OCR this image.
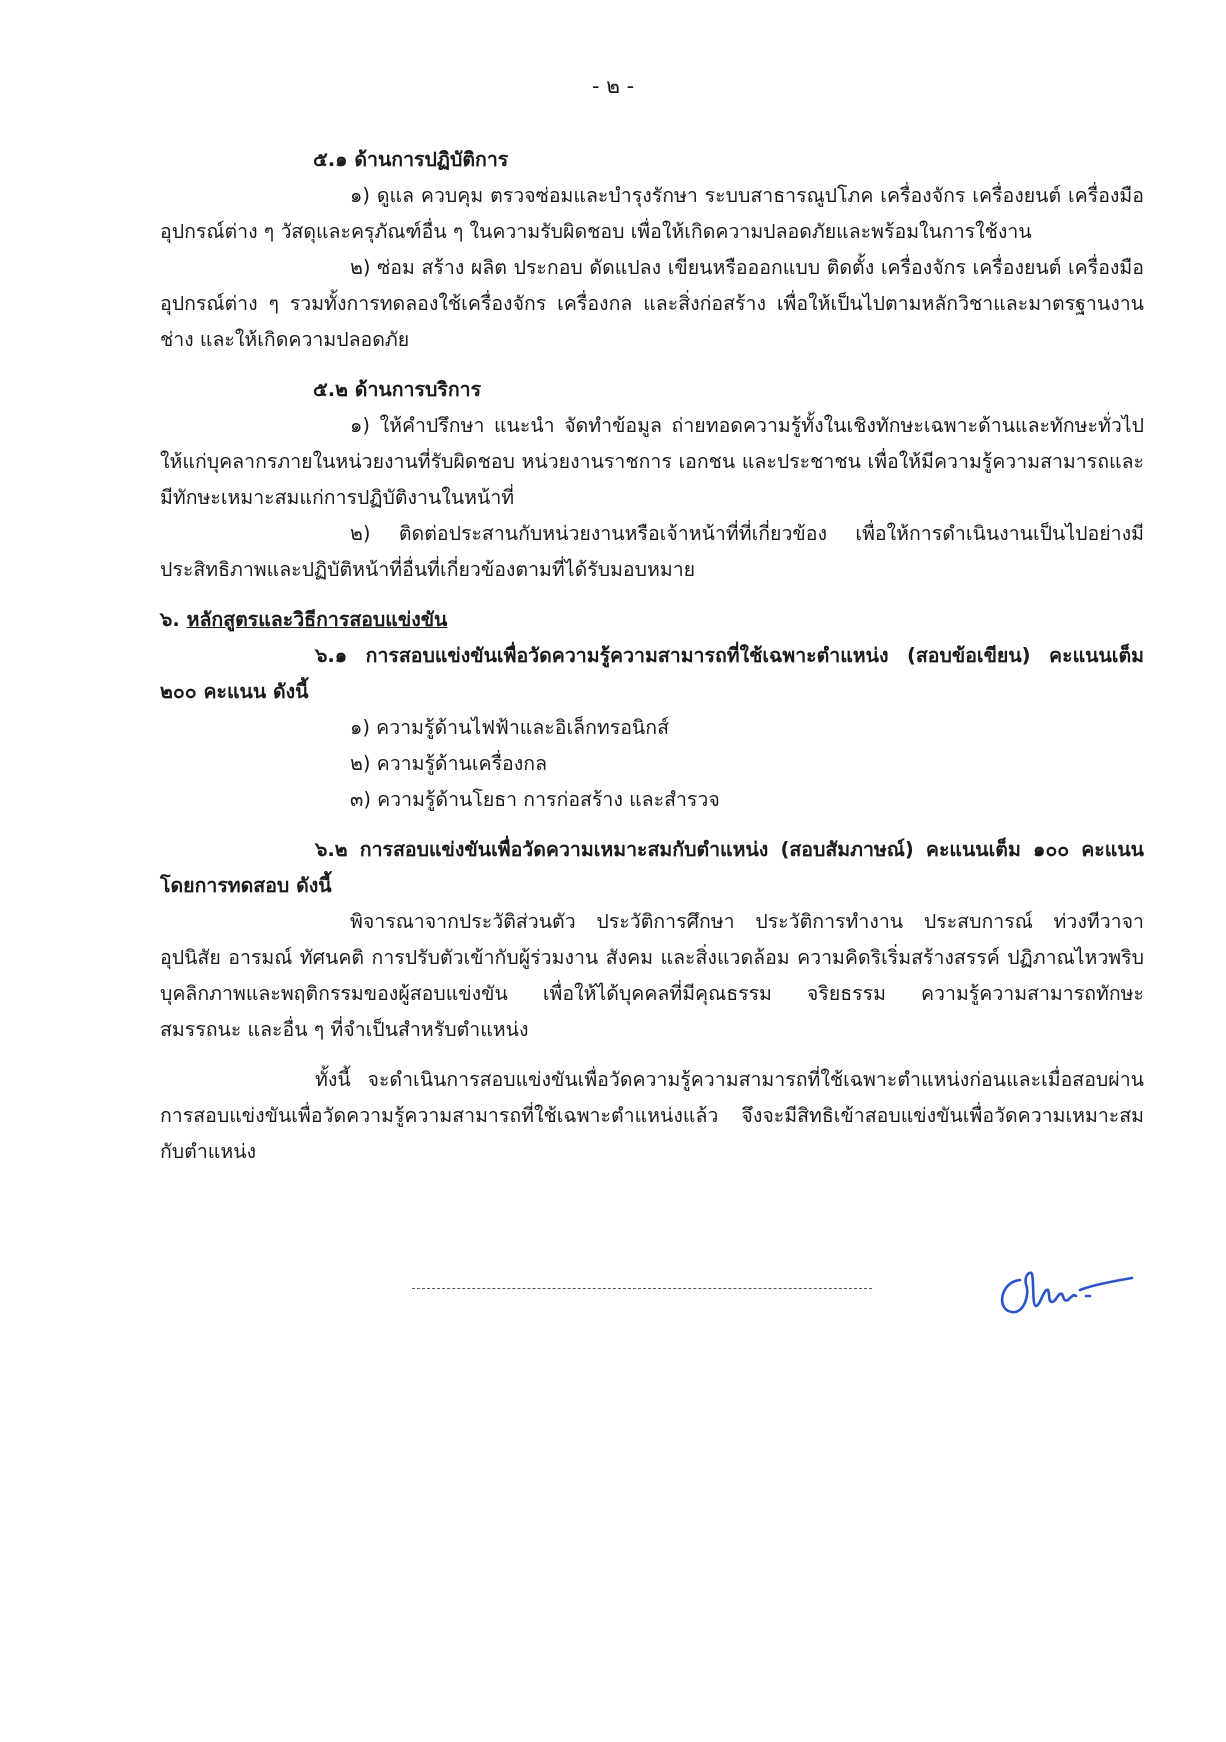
- ๒ -
๕.๑ ด้านการปฏิบัติการ

๑) ดูแล ควบคุม ตรวจซ่อมและบำรุงรักษา ระบบสาธารณูปโภค เครื่องจักร เครื่องยนต์ เครื่องมือ อุปกรณ์ต่าง ๆ วัสดุและครุภัณฑ์อื่น ๆ ในความรับผิดชอบ เพื่อให้เกิดความปลอดภัยและพร้อมในการใช้งาน

๒) ซ่อม สร้าง ผลิต ประกอบ ดัดแปลง เขียนหรือออกแบบ ติดตั้ง เครื่องจักร เครื่องยนต์ เครื่องมือ อุปกรณ์ต่าง ๆ รวมทั้งการทดลองใช้เครื่องจักร เครื่องกล และสิ่งก่อสร้าง เพื่อให้เป็นไปตามหลักวิชาและมาตรฐานงานช่าง และให้เกิดความปลอดภัย

๕.๒ ด้านการบริการ

๑) ให้คำปรึกษา แนะนำ จัดทำข้อมูล ถ่ายทอดความรู้ทั้งในเชิงทักษะเฉพาะด้านและทักษะทั่วไปให้แก่บุคลากรภายในหน่วยงานที่รับผิดชอบ หน่วยงานราชการ เอกชน และประชาชน เพื่อให้มีความรู้ความสามารถและมีทักษะเหมาะสมแก่การปฏิบัติงานในหน้าที่

๒) ติดต่อประสานกับหน่วยงานหรือเจ้าหน้าที่ที่เกี่ยวข้อง เพื่อให้การดำเนินงานเป็นไปอย่างมีประสิทธิภาพและปฏิบัติหน้าที่อื่นที่เกี่ยวข้องตามที่ได้รับมอบหมาย

๖. หลักสูตรและวิธีการสอบแข่งขัน

๖.๑ การสอบแข่งขันเพื่อวัดความรู้ความสามารถที่ใช้เฉพาะตำแหน่ง (สอบข้อเขียน) คะแนนเต็ม ๒๐๐ คะแนน ดังนี้

๑) ความรู้ด้านไฟฟ้าและอิเล็กทรอนิกส์
๒) ความรู้ด้านเครื่องกล
๓) ความรู้ด้านโยธา การก่อสร้าง และสำรวจ

๖.๒ การสอบแข่งขันเพื่อวัดความเหมาะสมกับตำแหน่ง (สอบสัมภาษณ์) คะแนนเต็ม ๑๐๐ คะแนน โดยการทดสอบ ดังนี้

พิจารณาจากประวัติส่วนตัว ประวัติการศึกษา ประวัติการทำงาน ประสบการณ์ ท่วงทีวาจา อุปนิสัย อารมณ์ ทัศนคติ การปรับตัวเข้ากับผู้ร่วมงาน สังคม และสิ่งแวดล้อม ความคิดริเริ่มสร้างสรรค์ ปฏิภาณไหวพริบ บุคลิกภาพและพฤติกรรมของผู้สอบแข่งขัน เพื่อให้ได้บุคคลที่มีคุณธรรม จริยธรรม ความรู้ความสามารถทักษะ สมรรถนะ และอื่น ๆ ที่จำเป็นสำหรับตำแหน่ง

ทั้งนี้ จะดำเนินการสอบแข่งขันเพื่อวัดความรู้ความสามารถที่ใช้เฉพาะตำแหน่งก่อนและเมื่อสอบผ่านการสอบแข่งขันเพื่อวัดความรู้ความสามารถที่ใช้เฉพาะตำแหน่งแล้ว จึงจะมีสิทธิเข้าสอบแข่งขันเพื่อวัดความเหมาะสมกับตำแหน่ง
